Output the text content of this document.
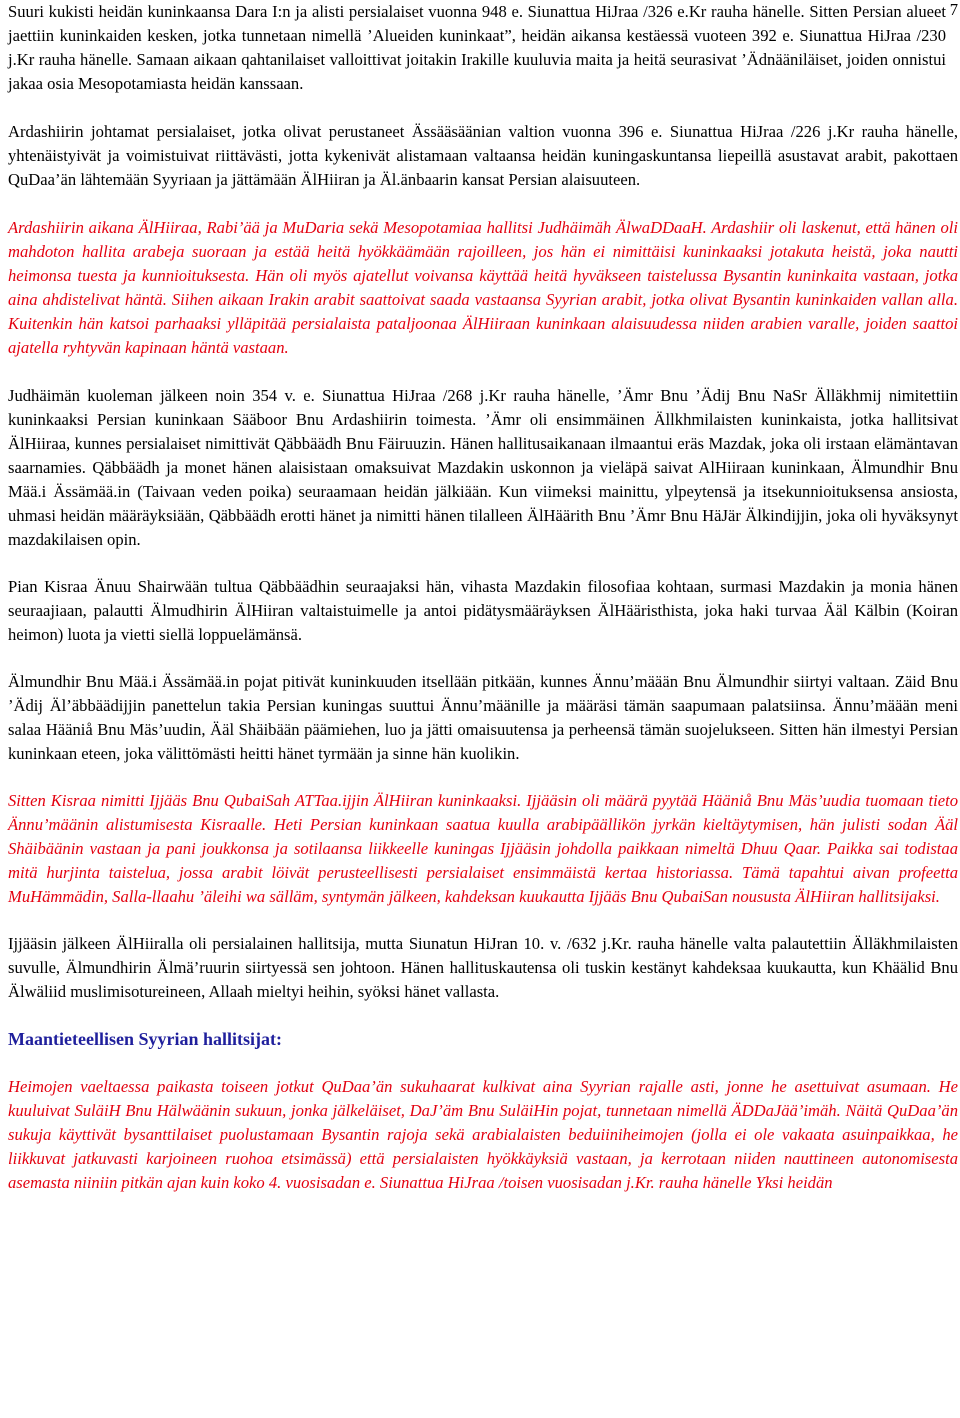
7

Suuri kukisti heidän kuninkaansa Dara I:n ja alisti persialaiset vuonna 948 e. Siunattua HiJraa /326 e.Kr rauha hänelle. Sitten Persian alueet jaettiin kuninkaiden kesken, jotka tunnetaan nimellä ’Alueiden kuninkaat”, heidän aikansa kestäessä vuoteen 392 e. Siunattua HiJraa /230 j.Kr rauha hänelle. Samaan aikaan qahtanilaiset valloittivat joitakin Irakille kuuluvia maita ja heitä seurasivat ’Ädnääniläiset, joiden onnistui jakaa osia Mesopotamiasta heidän kanssaan.

Ardashiirin johtamat persialaiset, jotka olivat perustaneet Ässääsäänian valtion vuonna 396 e. Siunattua HiJraa /226 j.Kr rauha hänelle, yhtenäistyivät ja voimistuivat riittävästi, jotta kykenivät alistamaan valtaansa heidän kuningaskuntansa liepeillä asustavat arabit, pakottaen QuDaa’än lähtemään Syyriaan ja jättämään ÄlHiiran ja Äl.änbaarin kansat Persian alaisuuteen.

Ardashiirin aikana ÄlHiiraa, Rabi’ää ja MuDaria sekä Mesopotamiaa hallitsi Judhäimäh ÄlwaDDaaH. Ardashiir oli laskenut, että hänen oli mahdoton hallita arabeja suoraan ja estää heitä hyökkäämään rajoilleen, jos hän ei nimittäisi kuninkaaksi jotakuta heistä, joka nautti heimonsa tuesta ja kunnioituksesta. Hän oli myös ajatellut voivansa käyttää heitä hyväkseen taistelussa Bysantin kuninkaita vastaan, jotka aina ahdistelivat häntä. Siihen aikaan Irakin arabit saattoivat saada vastaansa Syyrian arabit, jotka olivat Bysantin kuninkaiden vallan alla. Kuitenkin hän katsoi parhaaksi ylläpitää persialaista pataljoonaa ÄlHiiraan kuninkaan alaisuudessa niiden arabien varalle, joiden saattoi ajatella ryhtyvän kapinaan häntä vastaan.

Judhäimän kuoleman jälkeen noin 354 v. e. Siunattua HiJraa /268 j.Kr rauha hänelle, ’Ämr Bnu ’Ädij Bnu NaSr Älläkhmij nimitettiin kuninkaaksi Persian kuninkaan Sääboor Bnu Ardashiirin toimesta. ’Ämr oli ensimmäinen Ällkhmilaisten kuninkaista, jotka hallitsivat ÄlHiiraa, kunnes persialaiset nimittivät Qäbbäädh Bnu Fäiruuzin. Hänen hallitusaikanaan ilmaantui eräs Mazdak, joka oli irstaan elämäntavan saarnamies. Qäbbäädh ja monet hänen alaisistaan omaksuivat Mazdakin uskonnon ja vieläpä saivat AlHiiraan kuninkaan, Älmundhir Bnu Mää.i Ässämää.in (Taivaan veden poika) seuraamaan heidän jälkiään. Kun viimeksi mainittu, ylpeytensä ja itsekunnioituksensa ansiosta, uhmasi heidän määräyksiään, Qäbbäädh erotti hänet ja nimitti hänen tilalleen ÄlHäärith Bnu ’Ämr Bnu HäJär Älkindijjin, joka oli hyväksynyt mazdakilaisen opin.

Pian Kisraa Änuu Shairwään tultua Qäbbäädhin seuraajaksi hän, vihasta Mazdakin filosofiaa kohtaan, surmasi Mazdakin ja monia hänen seuraajiaan, palautti Älmudhirin ÄlHiiran valtaistuimelle ja antoi pidätysmääräyksen ÄlHääristhista, joka haki turvaa Ääl Kälbin (Koiran heimon) luota ja vietti siellä loppuelämänsä.

Älmundhir Bnu Mää.i Ässämää.in pojat pitivät kuninkuuden itsellään pitkään, kunnes Ännu’määän Bnu Älmundhir siirtyi valtaan. Zäid Bnu ’Ädij Äl’äbbäädijjin panettelun takia Persian kuningas suuttui Ännu’määnille ja määräsi tämän saapumaan palatsiinsa. Ännu’määän meni salaa Hääniå Bnu Mäs’uudin, Ääl Shäibään päämiehen, luo ja jätti omaisuutensa ja perheensä tämän suojelukseen. Sitten hän ilmestyi Persian kuninkaan eteen, joka välittömästi heitti hänet tyrmään ja sinne hän kuolikin.

Sitten Kisraa nimitti Ijjääs Bnu QubaiSah ATTaa.ijjin ÄlHiiran kuninkaaksi. Ijjääsin oli määrä pyytää Hääniå Bnu Mäs’uudia tuomaan tieto Ännu’määnin alistumisesta Kisraalle. Heti Persian kuninkaan saatua kuulla arabipäällikön jyrkän kieltäytymisen, hän julisti sodan Ääl Shäibäänin vastaan ja pani joukkonsa ja sotilaansa liikkeelle kuningas Ijjääsin johdolla paikkaan nimeltä Dhuu Qaar. Paikka sai todistaa mitä hurjinta taistelua, jossa arabit löivät perusteellisesti persialaiset ensimmäistä kertaa historiassa. Tämä tapahtui aivan profeetta MuHämmädin, Salla-llaahu ’äleihi wa sälläm, syntymän jälkeen, kahdeksan kuukautta Ijjääs Bnu QubaiSan noususta ÄlHiiran hallitsijaksi.

Ijjääsin jälkeen ÄlHiiralla oli persialainen hallitsija, mutta Siunatun HiJran 10. v. /632 j.Kr. rauha hänelle valta palautettiin Älläkhmilaisten suvulle, Älmundhirin Älmä’ruurin siirtyessä sen johtoon. Hänen hallituskautensa oli tuskin kestänyt kahdeksaa kuukautta, kun Khäälid Bnu Älwäliid muslimisotureineen, Allaah mieltyi heihin, syöksi hänet vallasta.

Maantieteellisen Syyrian hallitsijat:

Heimojen vaeltaessa paikasta toiseen jotkut QuDaa’än sukuhaarat kulkivat aina Syyrian rajalle asti, jonne he asettuivat asumaan. He kuuluivat SuläiH Bnu Hälwäänin sukuun, jonka jälkeläiset, DaJ’äm Bnu SuläiHin pojat, tunnetaan nimellä ÄDDaJää’imäh. Näitä QuDaa’än sukuja käyttivät bysanttilaiset puolustamaan Bysantin rajoja sekä arabialaisten beduiiniheimojen (jolla ei ole vakaata asuinpaikkaa, he liikkuvat jatkuvasti karjoineen ruohoa etsimässä) että persialaisten hyökkäyksiä vastaan, ja kerrotaan niiden nauttineen autonomisesta asemasta niiniin pitkän ajan kuin koko 4. vuosisadan e. Siunattua HiJraa /toisen vuosisadan j.Kr. rauha hänelle Yksi heidän
